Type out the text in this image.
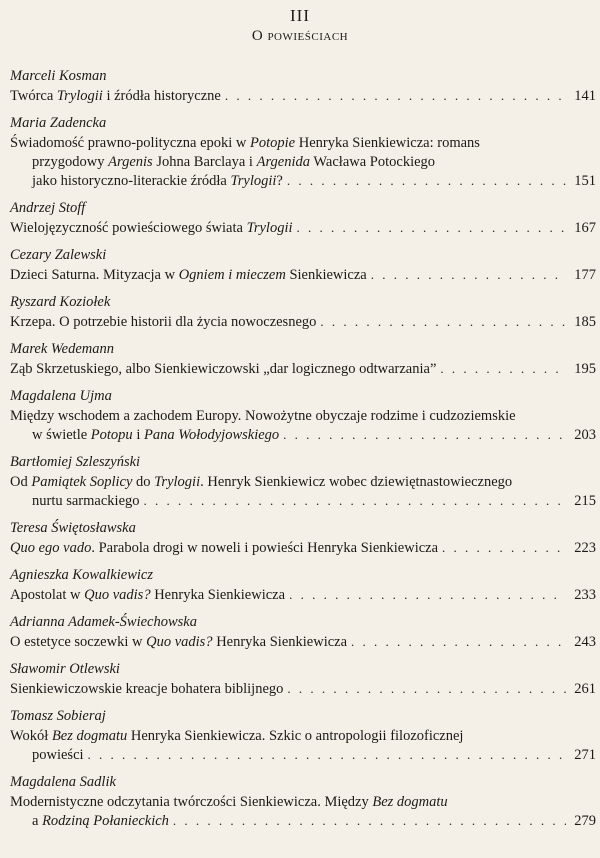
III
O powieściach
Marceli Kosman
Twórca Trylogii i źródła historyczne . . .	141
Maria Zadencka
Świadomość prawno-polityczna epoki w Potopie Henryka Sienkiewicza: romans
przygodowy Argenis Johna Barclaya i Argenida Wacława Potockiego
jako historyczno-literackie źródła Trylogii? . . .	151
Andrzej Stoff
Wielojęzyczność powieściowego świata Trylogii . . .	167
Cezary Zalewski
Dzieci Saturna. Mityzacja w Ogniem i mieczem Sienkiewicza . . .	177
Ryszard Koziołek
Krzepa. O potrzebie historii dla życia nowoczesnego . . .	185
Marek Wedemann
Ząb Skrzetuskiego, albo Sienkiewiczowski „dar logicznego odtwarzania” . . .	195
Magdalena Ujma
Między wschodem a zachodem Europy. Nowożytne obyczaje rodzime i cudzoziemskie
w świetle Potopu i Pana Wołodyjowskiego . . .	203
Bartłomiej Szleszyński
Od Pamiątek Soplicy do Trylogii. Henryk Sienkiewicz wobec dziewiętnastowiecznego
nurtu sarmackiego . . .	215
Teresa Świętosławska
Quo ego vado. Parabola drogi w noweli i powieści Henryka Sienkiewicza . . .	223
Agnieszka Kowalkiewicz
Apostolat w Quo vadis? Henryka Sienkiewicza . . .	233
Adrianna Adamek-Świechowska
O estetyce soczewki w Quo vadis? Henryka Sienkiewicza . . .	243
Sławomir Otlewski
Sienkiewiczowskie kreacje bohatera biblijnego . . .	261
Tomasz Sobieraj
Wokół Bez dogmatu Henryka Sienkiewicza. Szkic o antropologii filozoficznej
powieści . . .	271
Magdalena Sadlik
Modernistyczne odczytania twórczości Sienkiewicza. Między Bez dogmatu
a Rodziną Połanieckich . . .	279
